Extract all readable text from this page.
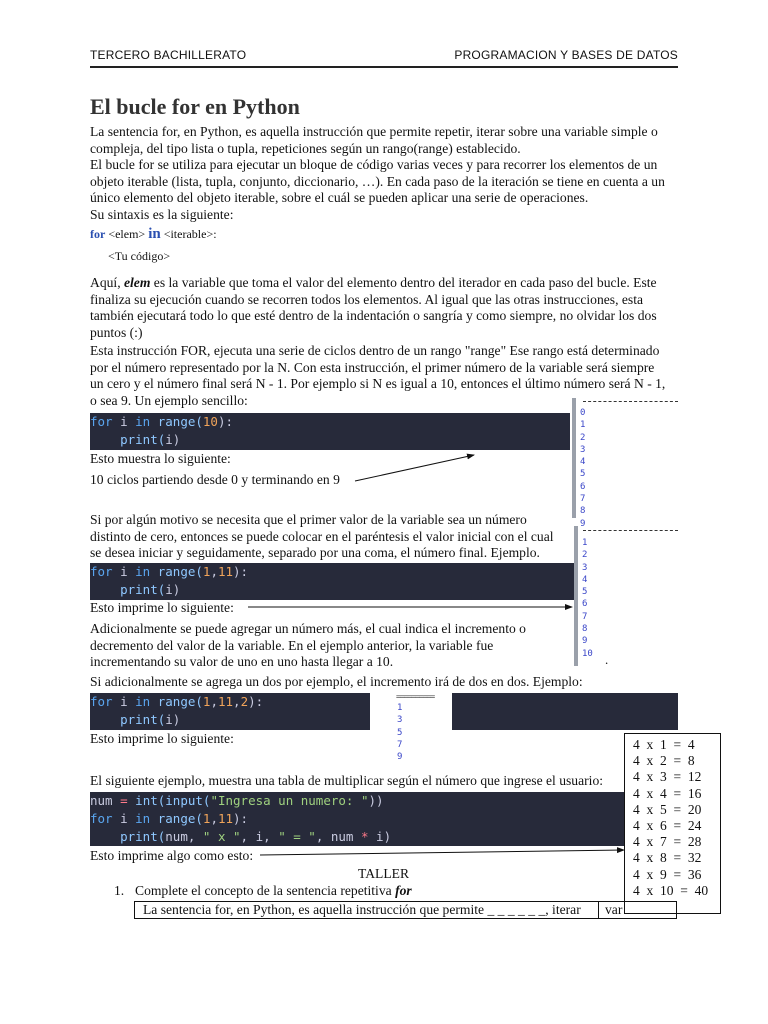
TERCERO BACHILLERATO	PROGRAMACION Y BASES DE DATOS
El bucle for en Python
La sentencia for, en Python, es aquella instrucción que permite repetir, iterar sobre una variable simple o
compleja, del tipo lista o tupla, repeticiones según un rango(range) establecido.
El bucle for se utiliza para ejecutar un bloque de código varias veces y para recorrer los elementos de un
objeto iterable (lista, tupla, conjunto, diccionario, …). En cada paso de la iteración se tiene en cuenta a un
único elemento del objeto iterable, sobre el cuál se pueden aplicar una serie de operaciones.
Su sintaxis es la siguiente:
for <elem> in <iterable>:
<Tu código>
Aquí, elem es la variable que toma el valor del elemento dentro del iterador en cada paso del bucle. Este
finaliza su ejecución cuando se recorren todos los elementos. Al igual que las otras instrucciones, esta
también ejecutará todo lo que esté dentro de la indentación o sangría y como siempre, no olvidar los dos
puntos (:)
Esta instrucción FOR, ejecuta una serie de ciclos dentro de un rango "range" Ese rango está determinado
por el número representado por la N. Con esta instrucción, el primer número de la variable será siempre
un cero y el número final será N - 1. Por ejemplo si N es igual a 10, entonces el último número será N - 1,
o sea 9. Un ejemplo sencillo:
for i in range(10):
print(i)
Esto muestra lo siguiente:
10 ciclos partiendo desde 0 y terminando en 9
0
1
2
3
4
5
6
7
8
9
Si por algún motivo se necesita que el primer valor de la variable sea un número
distinto de cero, entonces se puede colocar en el paréntesis el valor inicial con el cual
se desea iniciar y seguidamente, separado por una coma, el número final. Ejemplo.
for i in range(1,11):
print(i)
Esto imprime lo siguiente:
1
2
3
4
5
6
7
8
9
10 .
Adicionalmente se puede agregar un número más, el cual indica el incremento o
decremento del valor de la variable. En el ejemplo anterior, la variable fue
incrementando su valor de uno en uno hasta llegar a 10.
Si adicionalmente se agrega un dos por ejemplo, el incremento irá de dos en dos. Ejemplo:
for i in range(1,11,2):
print(i)
==========
1
3
5
7
9
Esto imprime lo siguiente:
El siguiente ejemplo, muestra una tabla de multiplicar según el número que ingrese el usuario:
num = int(input("Ingresa un numero: "))
for i in range(1,11):
print(num, " x ", i, " = ", num * i)
Esto imprime algo como esto:
4  x  1  =  4
4  x  2  =  8
4  x  3  =  12
4  x  4  =  16
4  x  5  =  20
4  x  6  =  24
4  x  7  =  28
4  x  8  =  32
4  x  9  =  36
4  x  10  =  40
TALLER
1. Complete el concepto de la sentencia repetitiva for
La sentencia for, en Python, es aquella instrucción que permite _ _ _ _ _ _, iterar var
